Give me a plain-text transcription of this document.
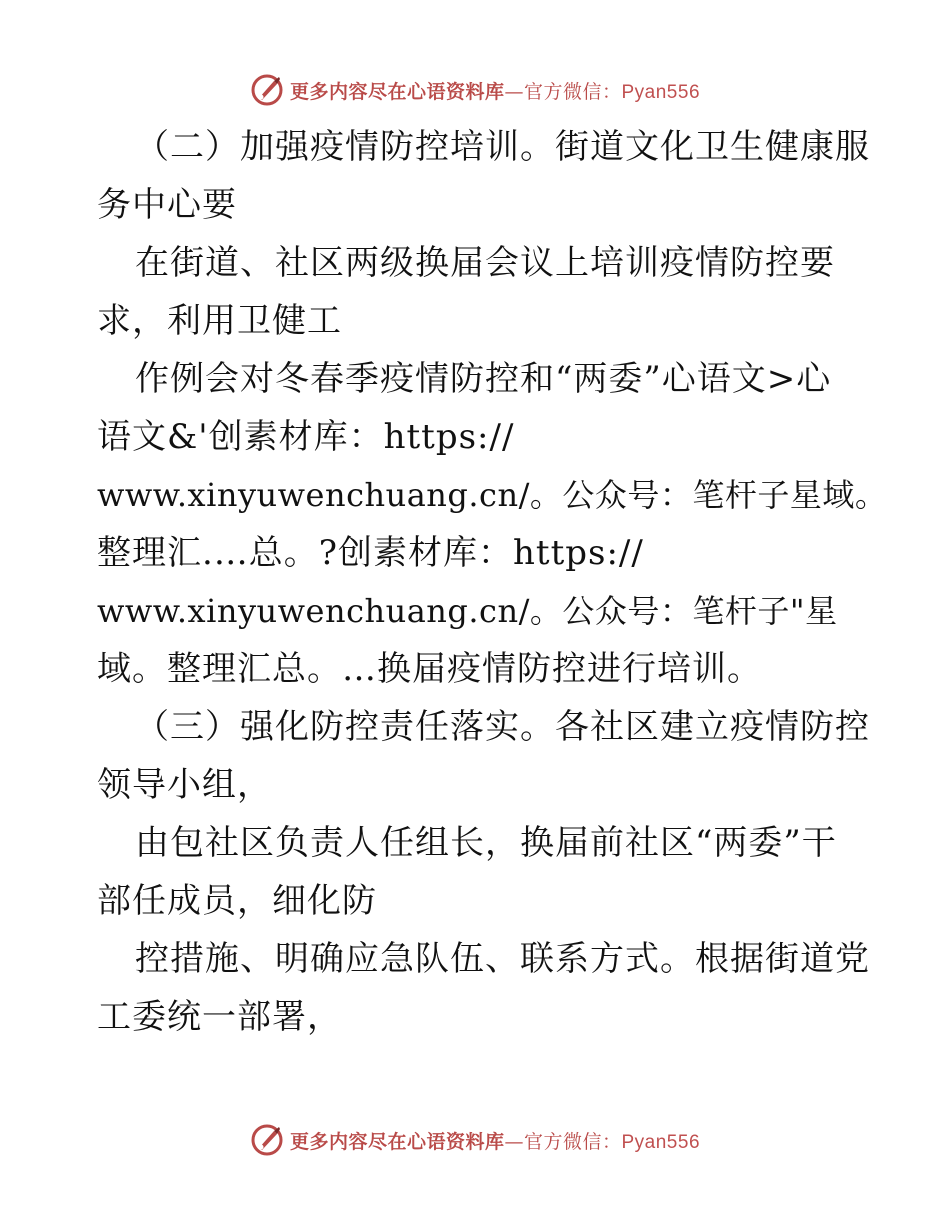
更多内容尽在心语资料库—官方微信：Pyan556
（二）加强疫情防控培训。街道文化卫生健康服
务中心要
在街道、社区两级换届会议上培训疫情防控要
求，利用卫健工
作例会对冬春季疫情防控和“两委”心语文>心
语文&'创素材库：https://
www.xinyuwenchuang.cn/。公众号：笔杆子星域。
整理汇.…总。?创素材库：https://
www.xinyuwenchuang.cn/。公众号：笔杆子"星
域。整理汇总。…换届疫情防控进行培训。
（三）强化防控责任落实。各社区建立疫情防控
领导小组，
由包社区负责人任组长，换届前社区“两委”干
部任成员，细化防
控措施、明确应急队伍、联系方式。根据街道党
工委统一部署，
更多内容尽在心语资料库—官方微信：Pyan556
